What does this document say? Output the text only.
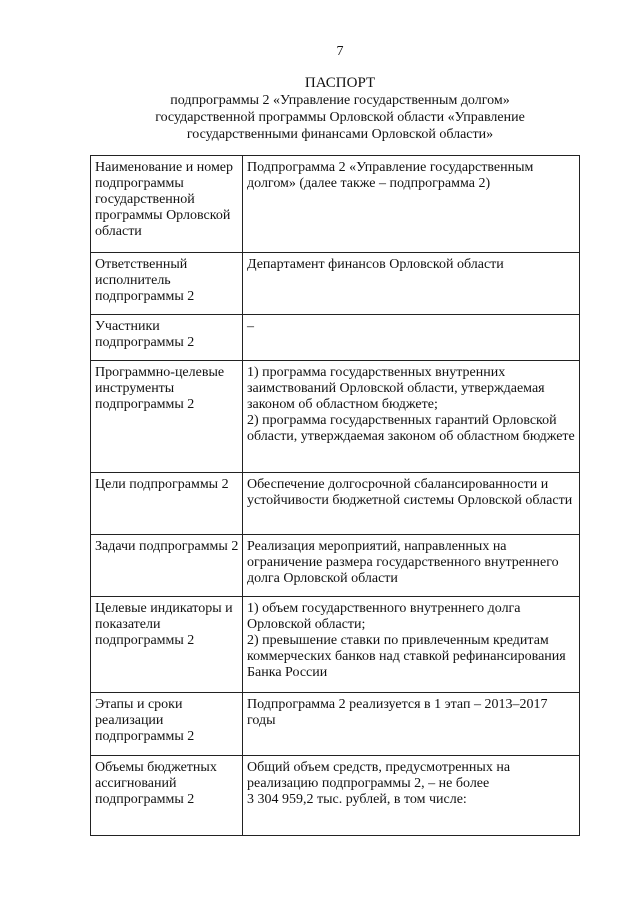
7
ПАСПОРТ
подпрограммы 2 «Управление государственным долгом»
государственной программы Орловской области «Управление
государственными финансами Орловской области»
Наименование и номер подпрограммы государственной программы Орловской области	Подпрограмма 2 «Управление государственным долгом» (далее также – подпрограмма 2)

Ответственный исполнитель подпрограммы 2	Департамент финансов Орловской области

Участники подпрограммы 2	–

Программно-целевые инструменты подпрограммы 2	1) программа государственных внутренних заимствований Орловской области, утверждаемая законом об областном бюджете;
2) программа государственных гарантий Орловской области, утверждаемая законом об областном бюджете

Цели подпрограммы 2	Обеспечение долгосрочной сбалансированности и устойчивости бюджетной системы Орловской области

Задачи подпрограммы 2	Реализация мероприятий, направленных на ограничение размера государственного внутреннего долга Орловской области

Целевые индикаторы и показатели подпрограммы 2	1) объем государственного внутреннего долга Орловской области;
2) превышение ставки по привлеченным кредитам коммерческих банков над ставкой рефинансирования Банка России

Этапы и сроки реализации подпрограммы 2	Подпрограмма 2 реализуется в 1 этап – 2013–2017 годы

Объемы бюджетных ассигнований подпрограммы 2	Общий объем средств, предусмотренных на реализацию подпрограммы 2, – не более
3 304 959,2 тыс. рублей, в том числе:
